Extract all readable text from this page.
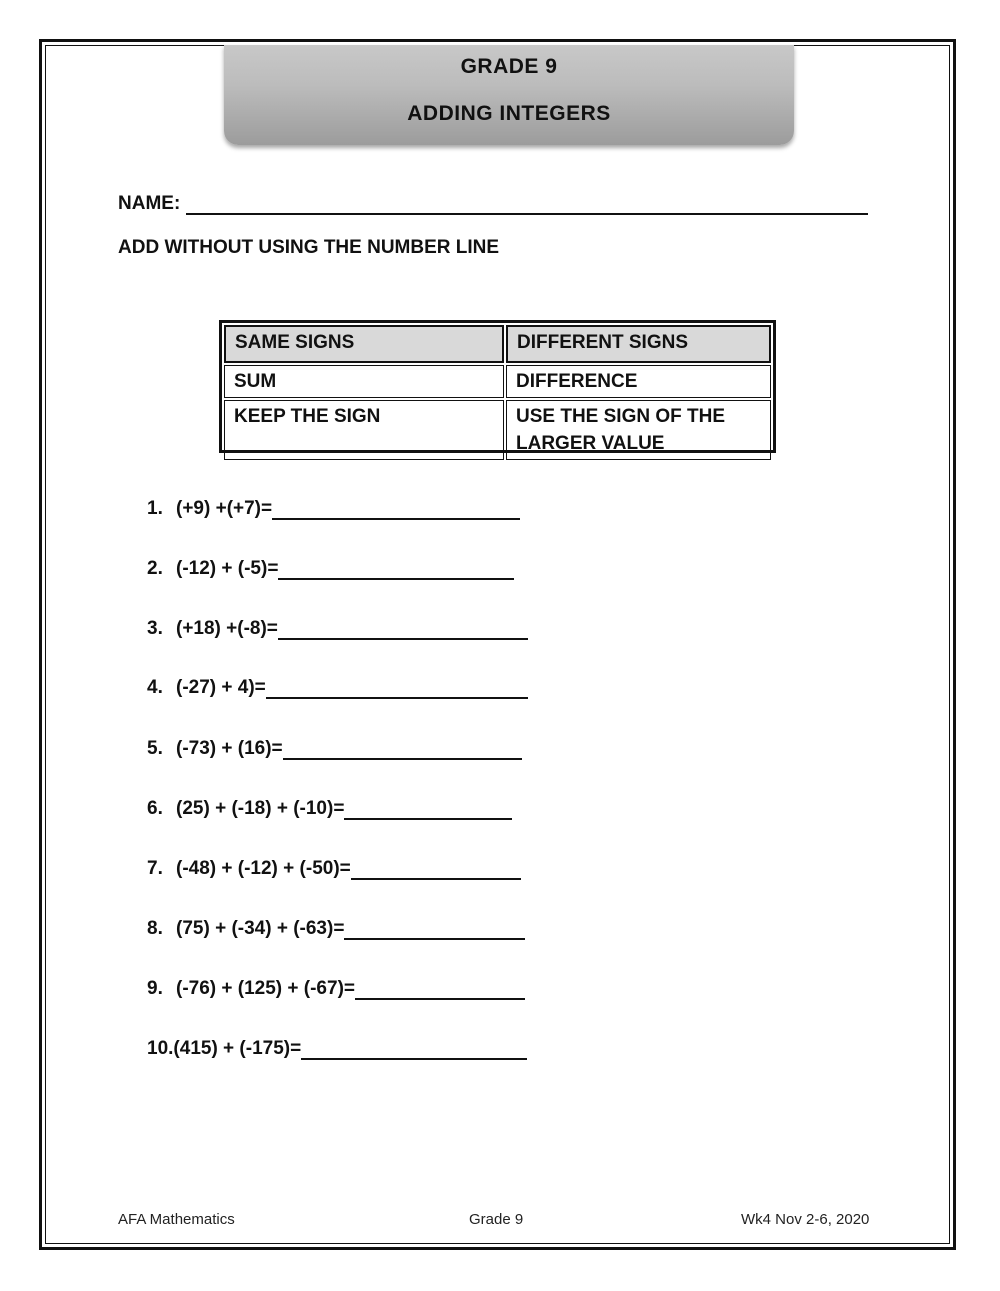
GRADE 9
ADDING INTEGERS
NAME:
ADD WITHOUT USING THE NUMBER LINE
SAME SIGNS	DIFFERENT SIGNS
SUM	DIFFERENCE
KEEP THE SIGN	USE THE SIGN OF THE LARGER VALUE
1. (+9) +(+7)=
2. (-12) + (-5)=
3. (+18) +(-8)=
4. (-27) + 4)=
5. (-73) + (16)=
6. (25) + (-18) + (-10)=
7. (-48) + (-12) + (-50)=
8. (75) + (-34) + (-63)=
9. (-76) + (125) + (-67)=
10. (415) + (-175)=
AFA Mathematics	Grade 9	Wk4 Nov 2-6, 2020
